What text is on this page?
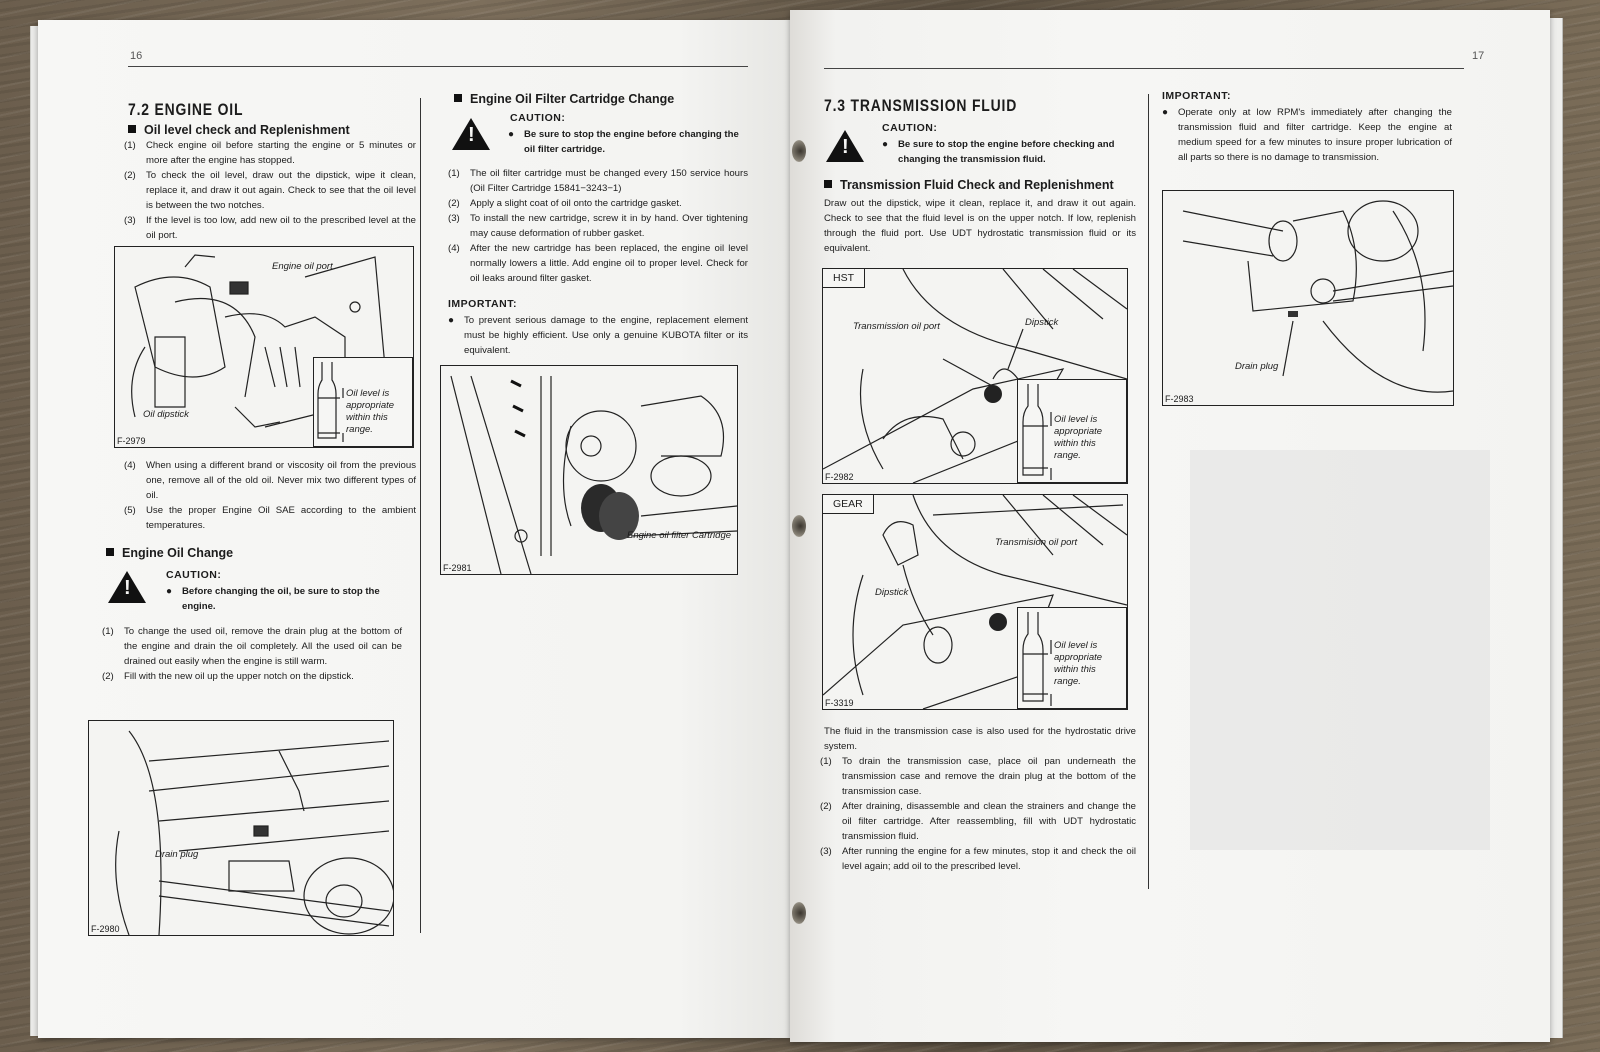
16
7.2 ENGINE OIL
Oil level check and Replenishment
(1)	Check engine oil before starting the engine or 5 minutes or more after the engine has stopped.
(2)	To check the oil level, draw out the dipstick, wipe it clean, replace it, and draw it out again. Check to see that the oil level is between the two notches.
(3)	If the level is too low, add new oil to the prescribed level at the oil port.
Engine oil port
Oil dipstick
Oil level is appropriate within this range.
F-2979
(4)	When using a different brand or viscosity oil from the previous one, remove all of the old oil. Never mix two different types of oil.
(5)	Use the proper Engine Oil SAE according to the ambient temperatures.
Engine Oil Change
!
CAUTION:
●	Before changing the oil, be sure to stop the engine.
(1)	To change the used oil, remove the drain plug at the bottom of the engine and drain the oil completely. All the used oil can be drained out easily when the engine is still warm.
(2)	Fill with the new oil up the upper notch on the dipstick.
Drain plug
F-2980
Engine Oil Filter Cartridge Change
!
CAUTION:
●	Be sure to stop the engine before changing the oil filter cartridge.
(1)	The oil filter cartridge must be changed every 150 service hours (Oil Filter Cartridge 15841−3243−1)
(2)	Apply a slight coat of oil onto the cartridge gasket.
(3)	To install the new cartridge, screw it in by hand. Over tightening may cause deformation of rubber gasket.
(4)	After the new cartridge has been replaced, the engine oil level normally lowers a little. Add engine oil to proper level. Check for oil leaks around filter gasket.
IMPORTANT:
●	To prevent serious damage to the engine, replacement element must be highly efficient. Use only a genuine KUBOTA filter or its equivalent.
Engine oil filter Cartridge
F-2981
17
7.3 TRANSMISSION FLUID
!
CAUTION:
●	Be sure to stop the engine before checking and changing the transmission fluid.
Transmission Fluid Check and Replenishment
Draw out the dipstick, wipe it clean, replace it, and draw it out again. Check to see that the fluid level is on the upper notch. If low, replenish through the fluid port. Use UDT hydrostatic transmission fluid or its equivalent.
HST
Transmission oil port	Dipstick
Oil level is appropriate within this range.
F-2982
GEAR
Transmision oil port
Dipstick
Oil level is appropriate within this range.
F-3319
The fluid in the transmission case is also used for the hydrostatic drive system.
(1)	To drain the transmission case, place oil pan underneath the transmission case and remove the drain plug at the bottom of the transmission case.
(2)	After draining, disassemble and clean the strainers and change the oil filter cartridge. After reassembling, fill with UDT hydrostatic transmission fluid.
(3)	After running the engine for a few minutes, stop it and check the oil level again; add oil to the prescribed level.
IMPORTANT:
●	Operate only at low RPM's immediately after changing the transmission fluid and filter cartridge. Keep the engine at medium speed for a few minutes to insure proper lubrication of all parts so there is no damage to transmission.
Drain plug
F-2983
